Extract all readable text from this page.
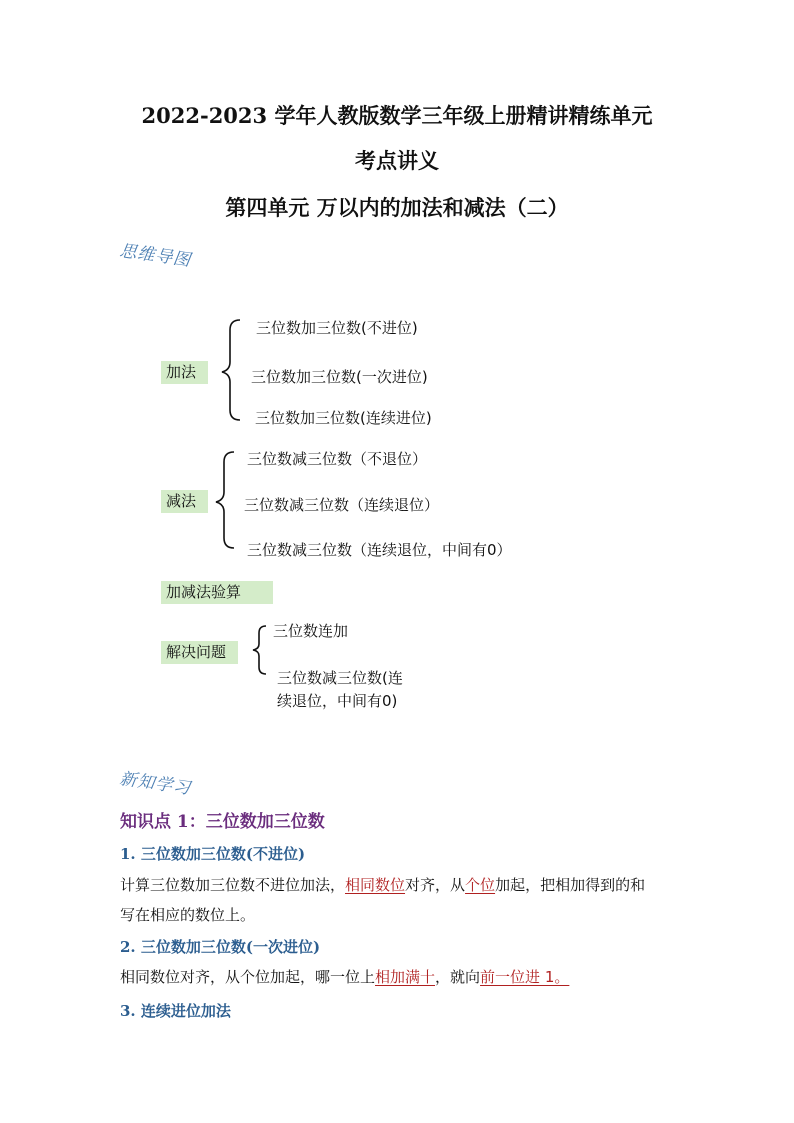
2022-2023 学年人教版数学三年级上册精讲精练单元
考点讲义
第四单元 万以内的加法和减法（二）
思维导图
加法
三位数加三位数(不进位)
三位数加三位数(一次进位)
三位数加三位数(连续进位)
减法
三位数减三位数（不退位）
三位数减三位数（连续退位）
三位数减三位数（连续退位，中间有0）
加减法验算
解决问题
三位数连加
三位数减三位数(连
续退位，中间有0)
新知学习
知识点 1：三位数加三位数
1. 三位数加三位数(不进位)
计算三位数加三位数不进位加法，相同数位对齐，从个位加起，把相加得到的和
写在相应的数位上。
2. 三位数加三位数(一次进位)
相同数位对齐，从个位加起，哪一位上相加满十，就向前一位进 1。
3. 连续进位加法
